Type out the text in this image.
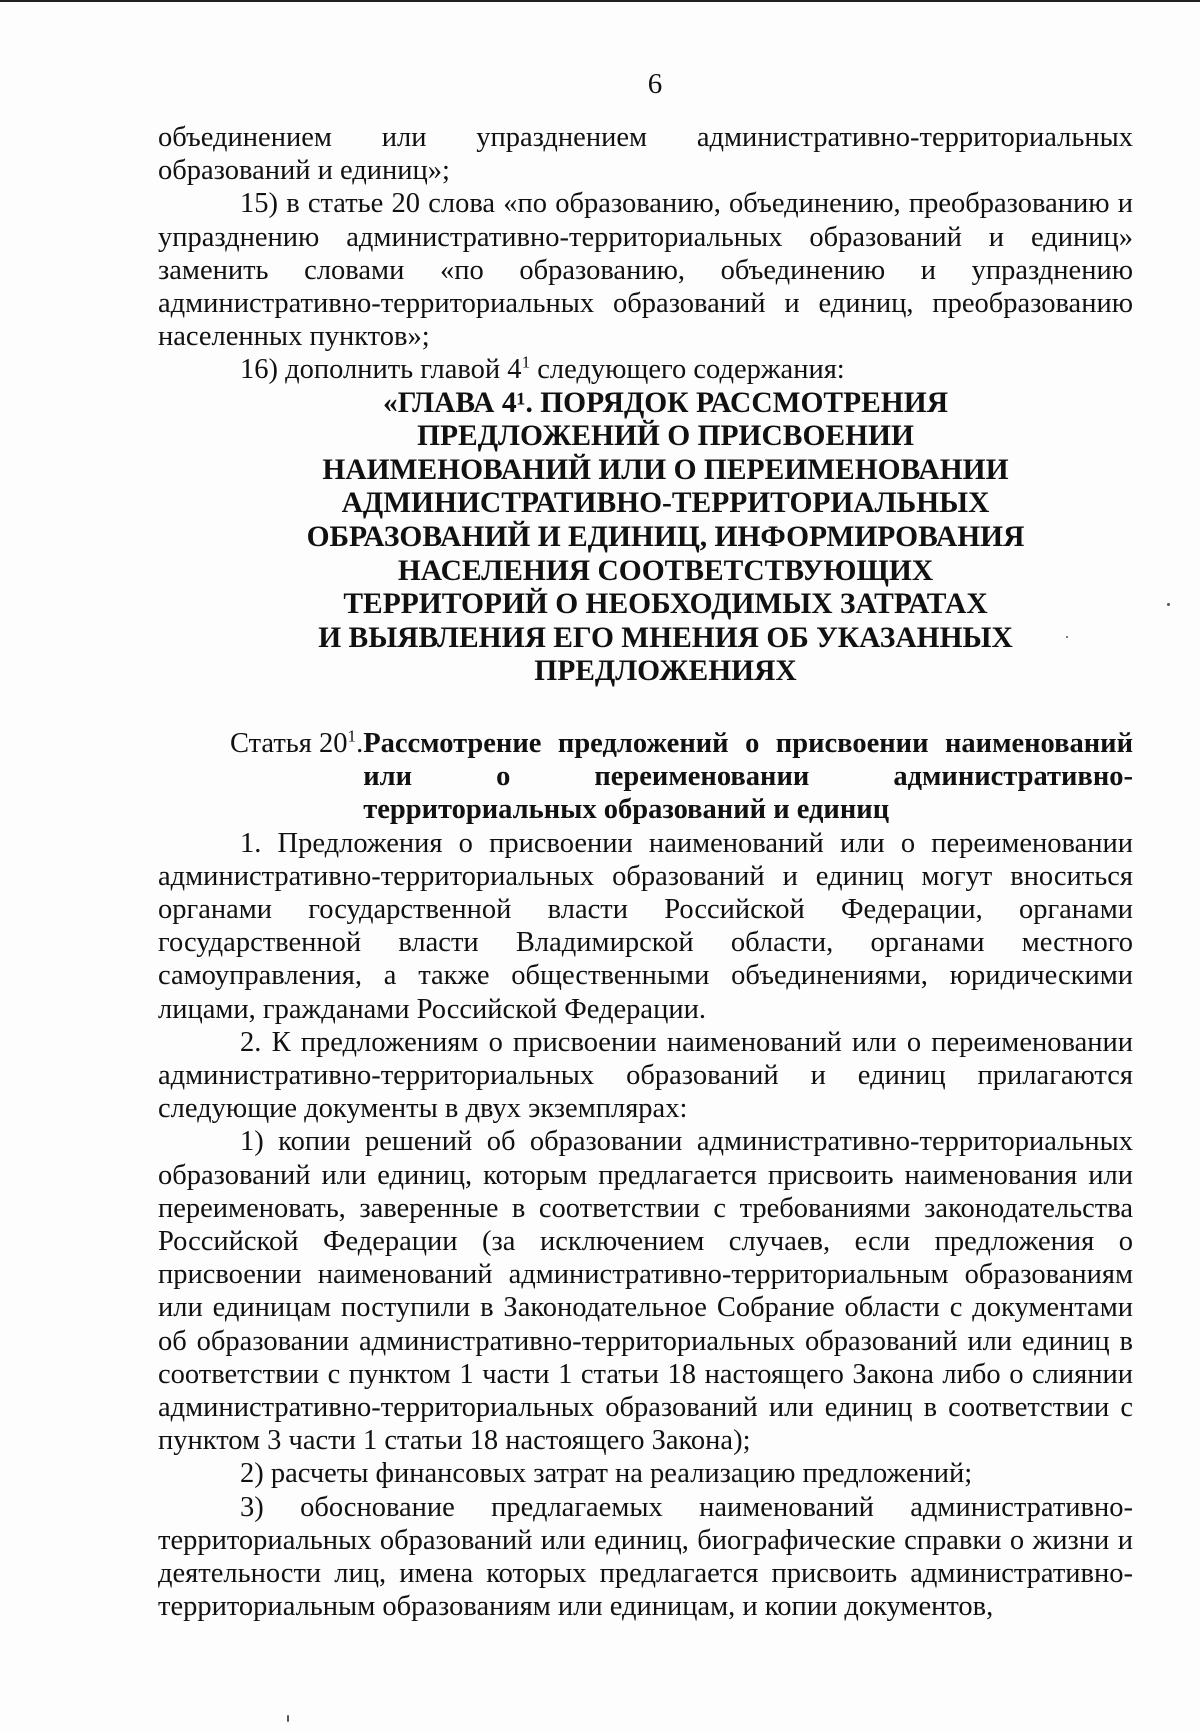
6

объединением или упразднением административно-территориальных образований и единиц»;

15) в статье 20 слова «по образованию, объединению, преобразованию и упразднению административно-территориальных образований и единиц» заменить словами «по образованию, объединению и упразднению административно-территориальных образований и единиц, преобразованию населенных пунктов»;

16) дополнить главой $4^1$ следующего содержания:

«ГЛАВА 4¹. ПОРЯДОК РАССМОТРЕНИЯ
ПРЕДЛОЖЕНИЙ О ПРИСВОЕНИИ
НАИМЕНОВАНИЙ ИЛИ О ПЕРЕИМЕНОВАНИИ
АДМИНИСТРАТИВНО-ТЕРРИТОРИАЛЬНЫХ
ОБРАЗОВАНИЙ И ЕДИНИЦ, ИНФОРМИРОВАНИЯ
НАСЕЛЕНИЯ СООТВЕТСТВУЮЩИХ
ТЕРРИТОРИЙ О НЕОБХОДИМЫХ ЗАТРАТАХ
И ВЫЯВЛЕНИЯ ЕГО МНЕНИЯ ОБ УКАЗАННЫХ
ПРЕДЛОЖЕНИЯХ
Статья $20^1$. Рассмотрение предложений о присвоении наименований или о переименовании административно-территориальных образований и единиц

1. Предложения о присвоении наименований или о переименовании административно-территориальных образований и единиц могут вноситься органами государственной власти Российской Федерации, органами государственной власти Владимирской области, органами местного самоуправления, а также общественными объединениями, юридическими лицами, гражданами Российской Федерации.

2. К предложениям о присвоении наименований или о переименовании административно-территориальных образований и единиц прилагаются следующие документы в двух экземплярах:

1) копии решений об образовании административно-территориальных образований или единиц, которым предлагается присвоить наименования или переименовать, заверенные в соответствии с требованиями законодательства Российской Федерации (за исключением случаев, если предложения о присвоении наименований административно-территориальным образованиям или единицам поступили в Законодательное Собрание области с документами об образовании административно-территориальных образований или единиц в соответствии с пунктом 1 части 1 статьи 18 настоящего Закона либо о слиянии административно-территориальных образований или единиц в соответствии с пунктом 3 части 1 статьи 18 настоящего Закона);

2) расчеты финансовых затрат на реализацию предложений;

3) обоснование предлагаемых наименований административно-территориальных образований или единиц, биографические справки о жизни и деятельности лиц, имена которых предлагается присвоить административно-территориальным образованиям или единицам, и копии документов,
